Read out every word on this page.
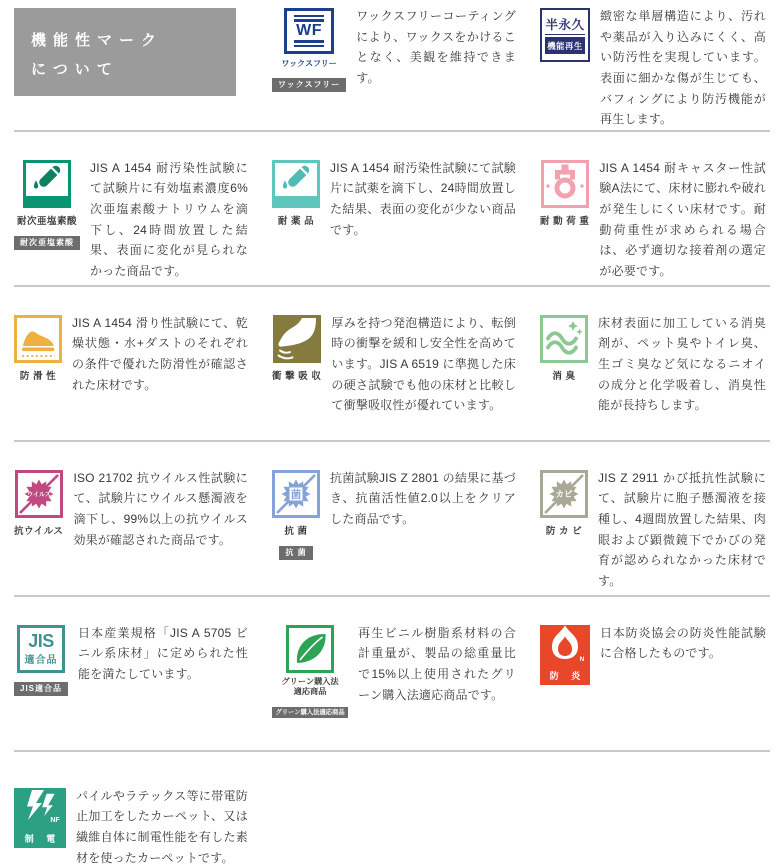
機能性マーク
について
WF
ワックスフリー
ワックスフリー

ワックスフリーコーティングにより、ワックスをかけることなく、美観を維持できます。

半永久
機能再生

緻密な単層構造により、汚れや薬品が入り込みにくく、高い防汚性を実現しています。表面に細かな傷が生じても、バフィングにより防汚機能が再生します。

耐次亜塩素酸
耐次亜塩素酸

JIS A 1454 耐汚染性試験にて試験片に有効塩素濃度6%次亜塩素酸ナトリウムを滴下し、24時間放置した結果、表面に変化が見られなかった商品です。

耐 薬 品

JIS A 1454 耐汚染性試験にて試験片に試薬を滴下し、24時間放置した結果、表面の変化が少ない商品です。

耐 動 荷 重

JIS A 1454 耐キャスター性試験A法にて、床材に膨れや破れが発生しにくい床材です。耐動荷重性が求められる場合は、必ず適切な接着剤の選定が必要です。

防 滑 性

JIS A 1454 滑り性試験にて、乾燥状態・水+ダストのそれぞれの条件で優れた防滑性が確認された床材です。

衝 撃 吸 収

厚みを持つ発泡構造により、転倒時の衝撃を緩和し安全性を高めています。JIS A 6519 に準拠した床の硬さ試験でも他の床材と比較して衝撃吸収性が優れています。

消 臭

床材表面に加工している消臭剤が、ペット臭やトイレ臭、生ゴミ臭など気になるニオイの成分と化学吸着し、消臭性能が長持ちします。

ウイルス
抗ウイルス

ISO 21702 抗ウイルス性試験にて、試験片にウイルス懸濁液を滴下し、99%以上の抗ウイルス効果が確認された商品です。

菌
抗 菌
抗 菌

抗菌試験JIS Z 2801 の結果に基づき、抗菌活性値2.0以上をクリアした商品です。

カビ
防 カ ビ

JIS Z 2911 かび抵抗性試験にて、試験片に胞子懸濁液を接種し、4週間放置した結果、肉眼および顕微鏡下でかびの発育が認められなかった床材です。

JIS
適合品
JIS適合品

日本産業規格「JIS A 5705 ビニル系床材」に定められた性能を満たしています。

グリーン購入法
適応商品
グリーン購入法適応商品

再生ビニル樹脂系材料の合計重量が、製品の総重量比で15%以上使用されたグリーン購入法適応商品です。

N
防 炎

日本防炎協会の防炎性能試験に合格したものです。

NF
制 電

パイルやラテックス等に帯電防止加工をしたカーペット、又は繊維自体に制電性能を有した素材を使ったカーペットです。
